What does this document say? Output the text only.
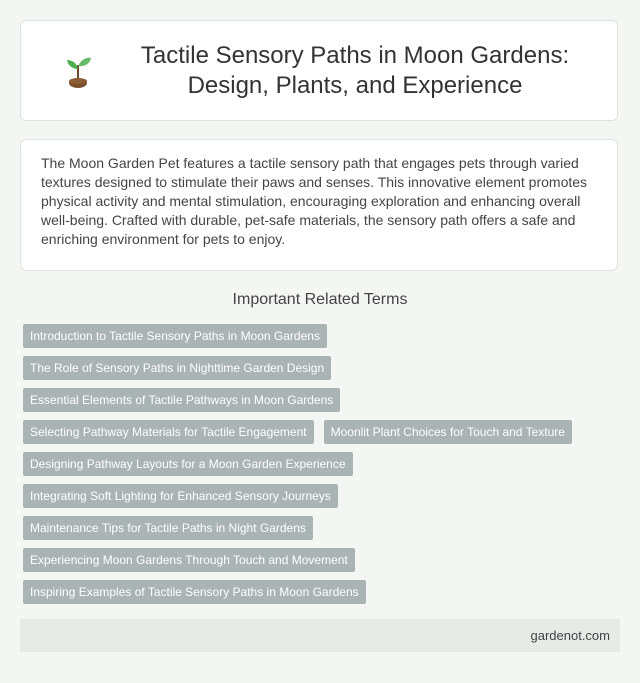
Tactile Sensory Paths in Moon Gardens: Design, Plants, and Experience

The Moon Garden Pet features a tactile sensory path that engages pets through varied textures designed to stimulate their paws and senses. This innovative element promotes physical activity and mental stimulation, encouraging exploration and enhancing overall well-being. Crafted with durable, pet-safe materials, the sensory path offers a safe and enriching environment for pets to enjoy.

Important Related Terms
Introduction to Tactile Sensory Paths in Moon Gardens
The Role of Sensory Paths in Nighttime Garden Design
Essential Elements of Tactile Pathways in Moon Gardens
Selecting Pathway Materials for Tactile Engagement	Moonlit Plant Choices for Touch and Texture
Designing Pathway Layouts for a Moon Garden Experience
Integrating Soft Lighting for Enhanced Sensory Journeys
Maintenance Tips for Tactile Paths in Night Gardens
Experiencing Moon Gardens Through Touch and Movement
Inspiring Examples of Tactile Sensory Paths in Moon Gardens
gardenot.com
